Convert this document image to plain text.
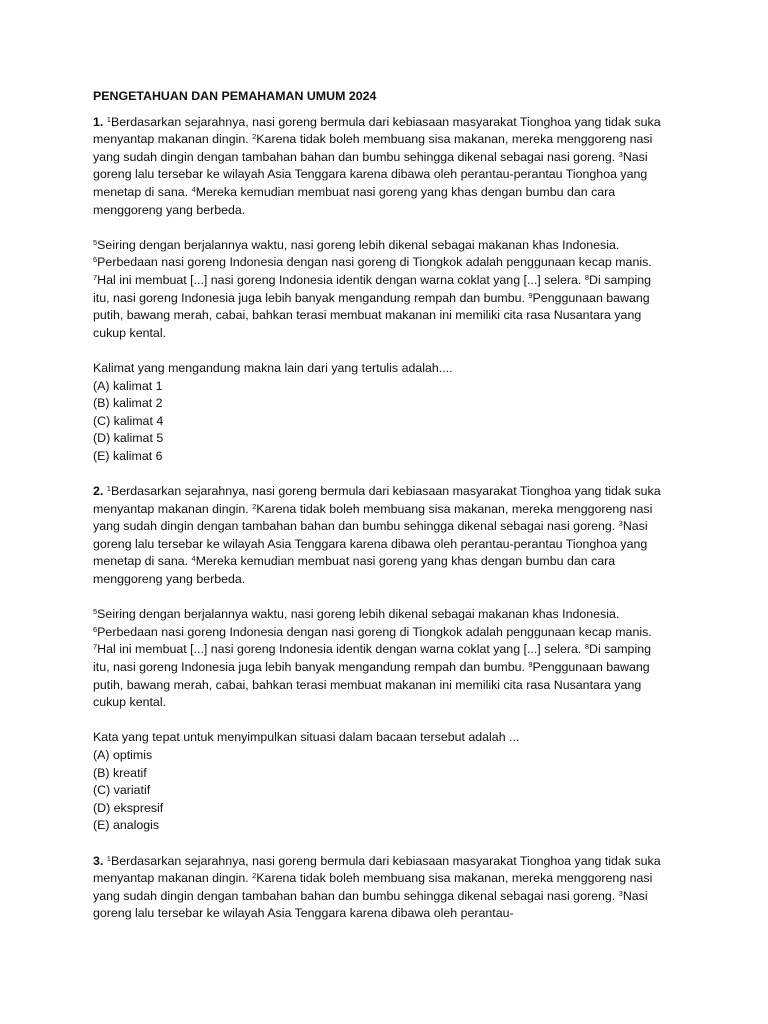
PENGETAHUAN DAN PEMAHAMAN UMUM 2024
1. $^1$Berdasarkan sejarahnya, nasi goreng bermula dari kebiasaan masyarakat Tionghoa yang tidak suka menyantap makanan dingin. $^2$Karena tidak boleh membuang sisa makanan, mereka menggoreng nasi yang sudah dingin dengan tambahan bahan dan bumbu sehingga dikenal sebagai nasi goreng. $^3$Nasi goreng lalu tersebar ke wilayah Asia Tenggara karena dibawa oleh perantau-perantau Tionghoa yang menetap di sana. $^4$Mereka kemudian membuat nasi goreng yang khas dengan bumbu dan cara menggoreng yang berbeda.
$^5$Seiring dengan berjalannya waktu, nasi goreng lebih dikenal sebagai makanan khas Indonesia. $^6$Perbedaan nasi goreng Indonesia dengan nasi goreng di Tiongkok adalah penggunaan kecap manis. $^7$Hal ini membuat [...] nasi goreng Indonesia identik dengan warna coklat yang [...] selera. $^8$Di samping itu, nasi goreng Indonesia juga lebih banyak mengandung rempah dan bumbu. $^9$Penggunaan bawang putih, bawang merah, cabai, bahkan terasi membuat makanan ini memiliki cita rasa Nusantara yang cukup kental.
Kalimat yang mengandung makna lain dari yang tertulis adalah....
(A) kalimat 1
(B) kalimat 2
(C) kalimat 4
(D) kalimat 5
(E) kalimat 6
2. $^1$Berdasarkan sejarahnya, nasi goreng bermula dari kebiasaan masyarakat Tionghoa yang tidak suka menyantap makanan dingin. $^2$Karena tidak boleh membuang sisa makanan, mereka menggoreng nasi yang sudah dingin dengan tambahan bahan dan bumbu sehingga dikenal sebagai nasi goreng. $^3$Nasi goreng lalu tersebar ke wilayah Asia Tenggara karena dibawa oleh perantau-perantau Tionghoa yang menetap di sana. $^4$Mereka kemudian membuat nasi goreng yang khas dengan bumbu dan cara menggoreng yang berbeda.
$^5$Seiring dengan berjalannya waktu, nasi goreng lebih dikenal sebagai makanan khas Indonesia. $^6$Perbedaan nasi goreng Indonesia dengan nasi goreng di Tiongkok adalah penggunaan kecap manis. $^7$Hal ini membuat [...] nasi goreng Indonesia identik dengan warna coklat yang [...] selera. $^8$Di samping itu, nasi goreng Indonesia juga lebih banyak mengandung rempah dan bumbu. $^9$Penggunaan bawang putih, bawang merah, cabai, bahkan terasi membuat makanan ini memiliki cita rasa Nusantara yang cukup kental.
Kata yang tepat untuk menyimpulkan situasi dalam bacaan tersebut adalah ...
(A) optimis
(B) kreatif
(C) variatif
(D) ekspresif
(E) analogis
3. $^1$Berdasarkan sejarahnya, nasi goreng bermula dari kebiasaan masyarakat Tionghoa yang tidak suka menyantap makanan dingin. $^2$Karena tidak boleh membuang sisa makanan, mereka menggoreng nasi yang sudah dingin dengan tambahan bahan dan bumbu sehingga dikenal sebagai nasi goreng. $^3$Nasi goreng lalu tersebar ke wilayah Asia Tenggara karena dibawa oleh perantau-
